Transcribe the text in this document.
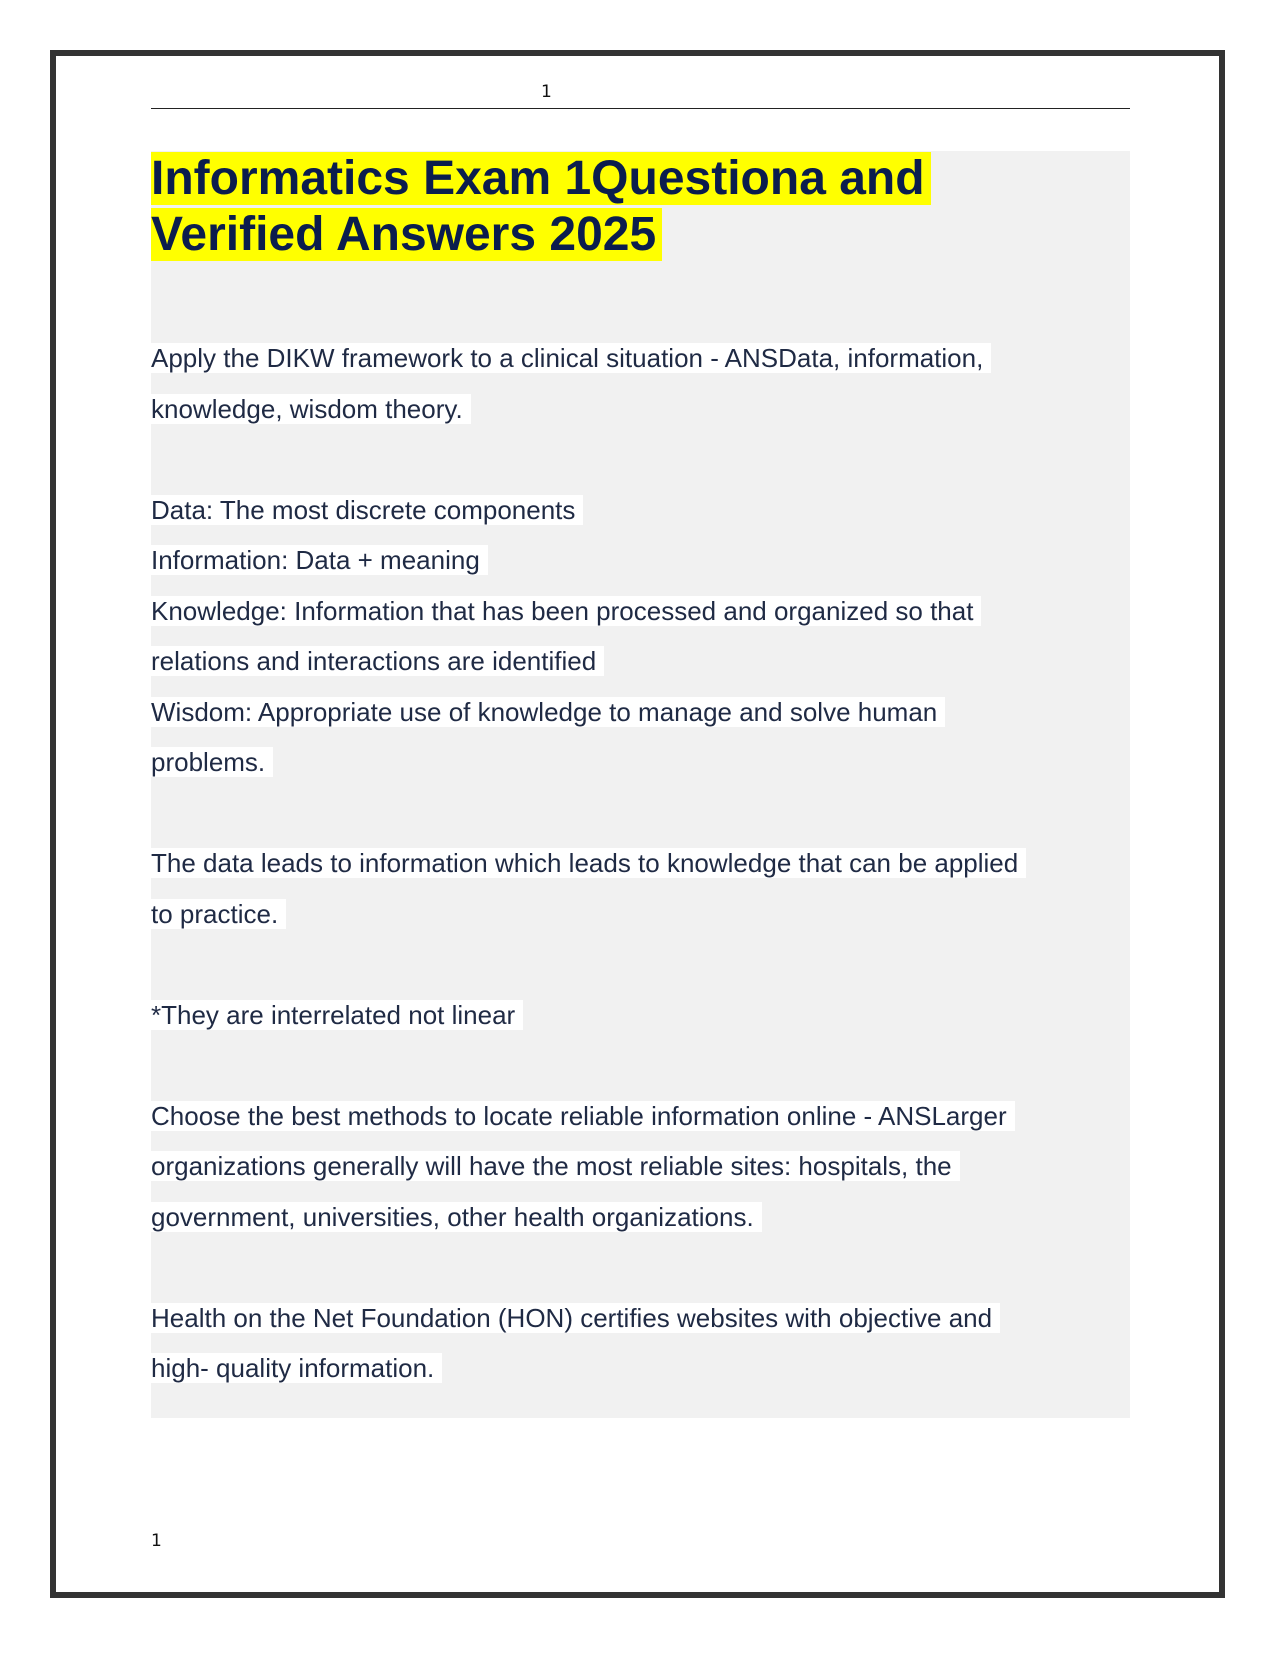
1
Informatics Exam 1Questiona and
Verified Answers 2025
Apply the DIKW framework to a clinical situation - ANSData, information,
knowledge, wisdom theory.
Data: The most discrete components
Information: Data + meaning
Knowledge: Information that has been processed and organized so that
relations and interactions are identified
Wisdom: Appropriate use of knowledge to manage and solve human
problems.
The data leads to information which leads to knowledge that can be applied
to practice.
*They are interrelated not linear
Choose the best methods to locate reliable information online - ANSLarger
organizations generally will have the most reliable sites: hospitals, the
government, universities, other health organizations.
Health on the Net Foundation (HON) certifies websites with objective and
high- quality information.
1
